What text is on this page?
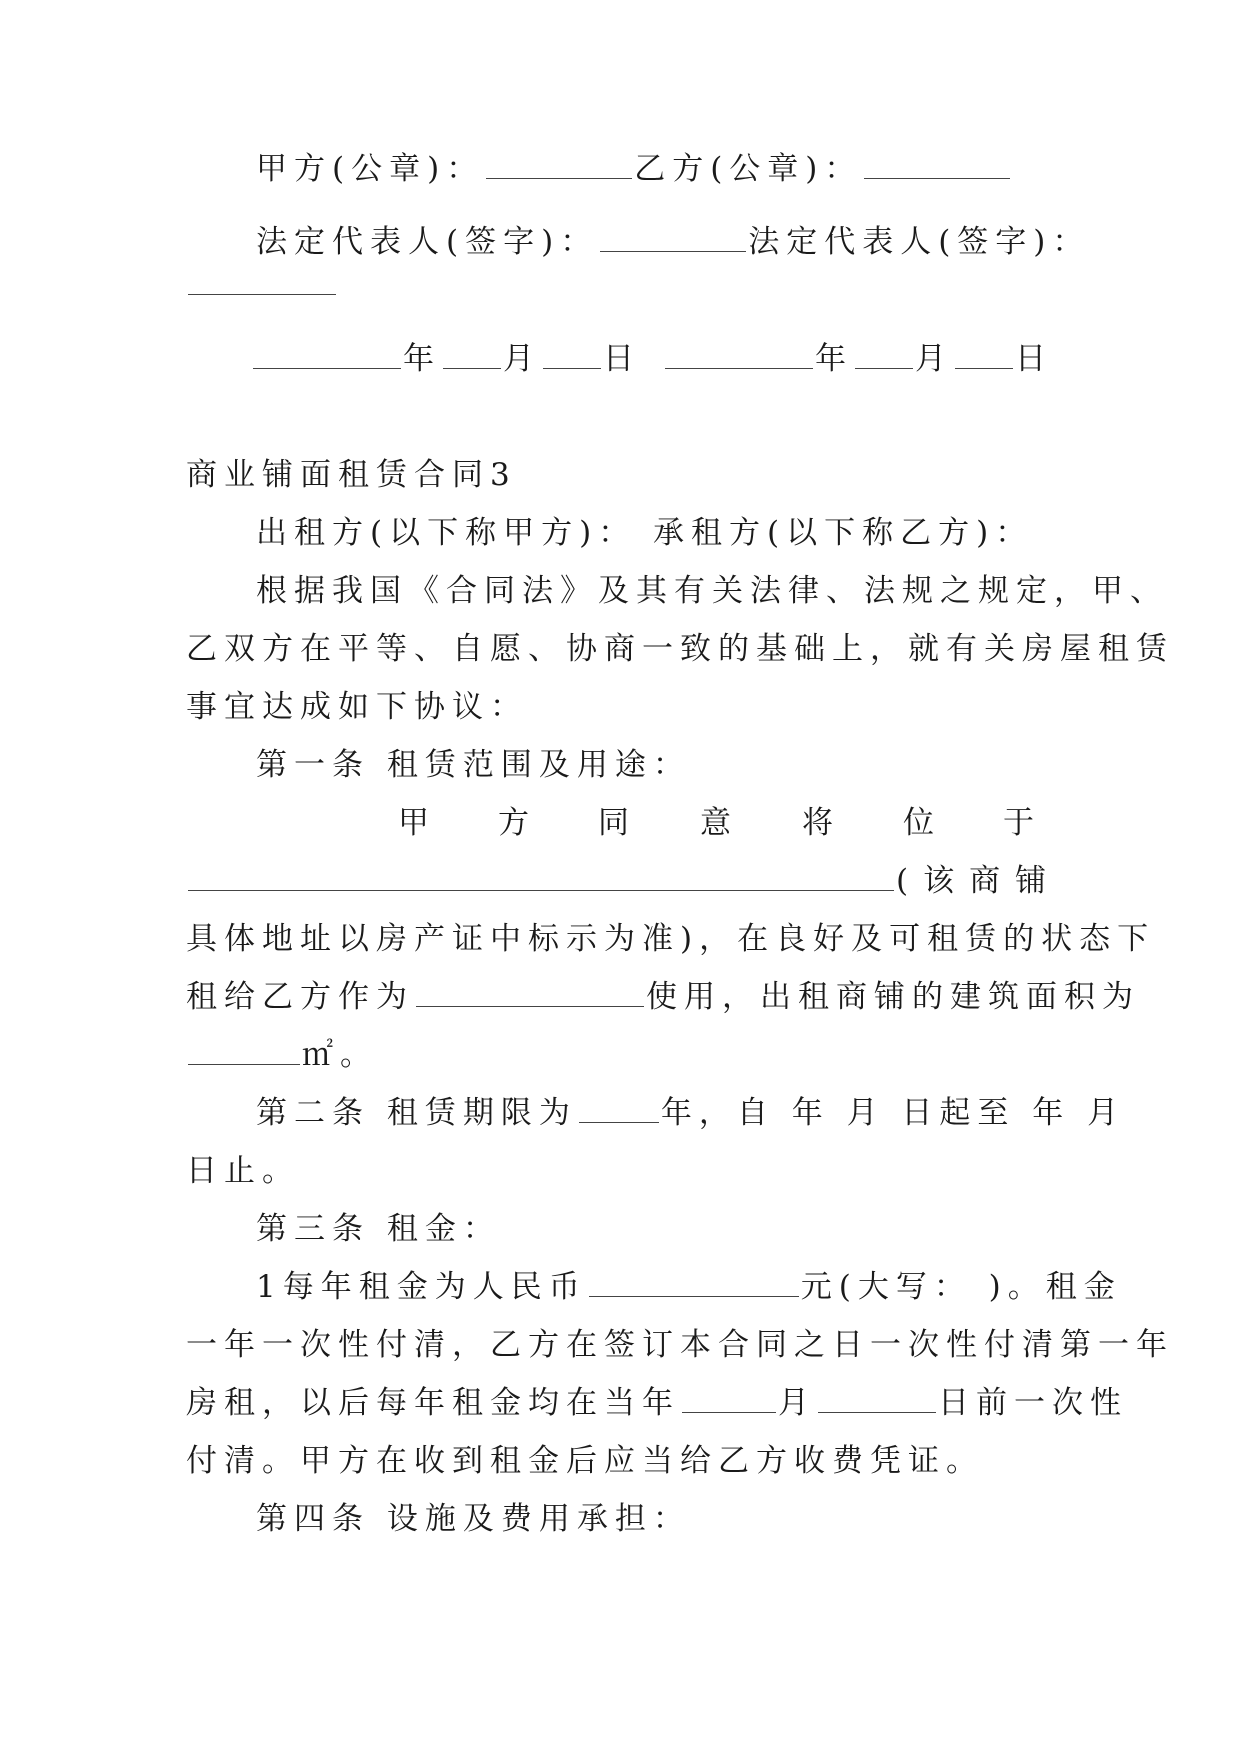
甲方(公章)：	乙方(公章)：
法定代表人(签字)：	法定代表人(签字)：
年 月 日	年 月 日
商业铺面租赁合同3
出租方(以下称甲方)： 承租方(以下称乙方)：
根据我国《合同法》及其有关法律、法规之规定，甲、
乙双方在平等、自愿、协商一致的基础上，就有关房屋租赁
事宜达成如下协议：
第一条 租赁范围及用途：
甲 方 同 意 将 位 于
(该商铺
具体地址以房产证中标示为准)，在良好及可租赁的状态下
租给乙方作为	使用，出租商铺的建筑面积为
㎡。
第二条 租赁期限为	年，自 年 月 日起至 年 月
日止。
第三条 租金：
1每年租金为人民币	元(大写： )。租金
一年一次性付清，乙方在签订本合同之日一次性付清第一年
房租，以后每年租金均在当年	月	日前一次性
付清。甲方在收到租金后应当给乙方收费凭证。
第四条 设施及费用承担：
